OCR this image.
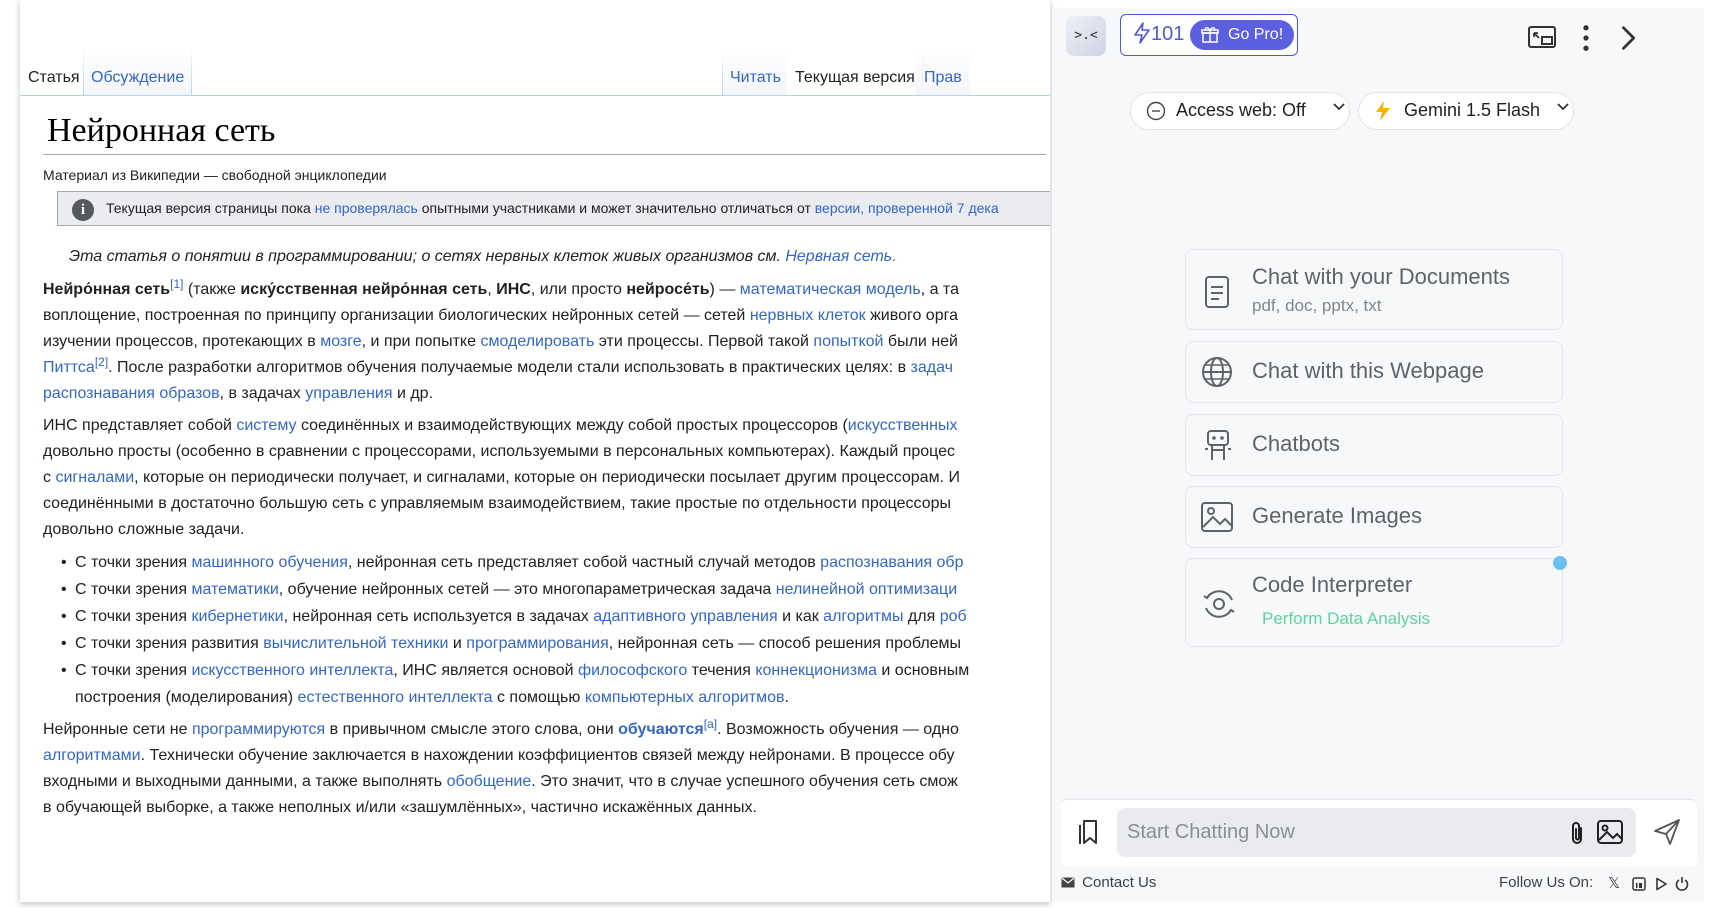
Статья Обсуждение	Читать Текущая версия Прав
Нейронная сеть
Материал из Википедии — свободной энциклопедии
i	Текущая версия страницы пока не проверялась опытными участниками и может значительно отличаться от версии, проверенной 7 дека
Эта статья о понятии в программировании; о сетях нервных клеток живых организмов см. Нервная сеть.
Нейро́нная сеть[1] (также иску́сственная нейро́нная сеть, ИНС, или просто нейросе́ть) — математическая модель, а та
воплощение, построенная по принципу организации биологических нейронных сетей — сетей нервных клеток живого орга
изучении процессов, протекающих в мозге, и при попытке смоделировать эти процессы. Первой такой попыткой были ней
Питтса[2]. После разработки алгоритмов обучения получаемые модели стали использовать в практических целях: в задач
распознавания образов, в задачах управления и др.
ИНС представляет собой систему соединённых и взаимодействующих между собой простых процессоров (искусственных
довольно просты (особенно в сравнении с процессорами, используемыми в персональных компьютерах). Каждый процес
с сигналами, которые он периодически получает, и сигналами, которые он периодически посылает другим процессорам. И
соединёнными в достаточно большую сеть с управляемым взаимодействием, такие простые по отдельности процессоры
довольно сложные задачи.
• С точки зрения машинного обучения, нейронная сеть представляет собой частный случай методов распознавания обр
• С точки зрения математики, обучение нейронных сетей — это многопараметрическая задача нелинейной оптимизаци
• С точки зрения кибернетики, нейронная сеть используется в задачах адаптивного управления и как алгоритмы для роб
• С точки зрения развития вычислительной техники и программирования, нейронная сеть — способ решения проблемы
• С точки зрения искусственного интеллекта, ИНС является основой философского течения коннекционизма и основным
построения (моделирования) естественного интеллекта с помощью компьютерных алгоритмов.
Нейронные сети не программируются в привычном смысле этого слова, они обучаются[a]. Возможность обучения — одно
алгоритмами. Технически обучение заключается в нахождении коэффициентов связей между нейронами. В процессе обу
входными и выходными данными, а также выполнять обобщение. Это значит, что в случае успешного обучения сеть смож
в обучающей выборке, а также неполных и/или «зашумлённых», частично искажённых данных.
>.<	101	Go Pro!
Access web: Off	Gemini 1.5 Flash
Chat with your Documents
pdf, doc, pptx, txt
Chat with this Webpage
Chatbots
Generate Images
Code Interpreter
Perform Data Analysis
Start Chatting Now
Contact Us	Follow Us On: 𝕏
